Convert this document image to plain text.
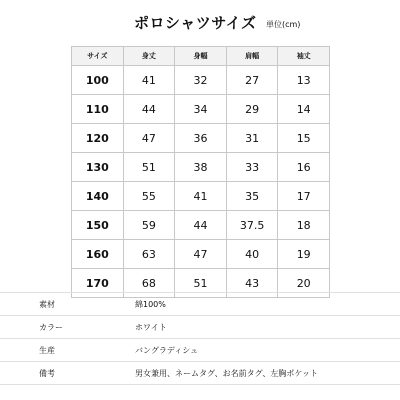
ポロシャツサイズ 単位(cm)
サイズ	身丈	身幅	肩幅	袖丈
100	41	32	27	13
110	44	34	29	14
120	47	36	31	15
130	51	38	33	16
140	55	41	35	17
150	59	44	37.5	18
160	63	47	40	19
170	68	51	43	20
素材	綿100%
カラー	ホワイト
生産	バングラディシュ
備考	男女兼用、ネームタグ、お名前タグ、左胸ポケット
